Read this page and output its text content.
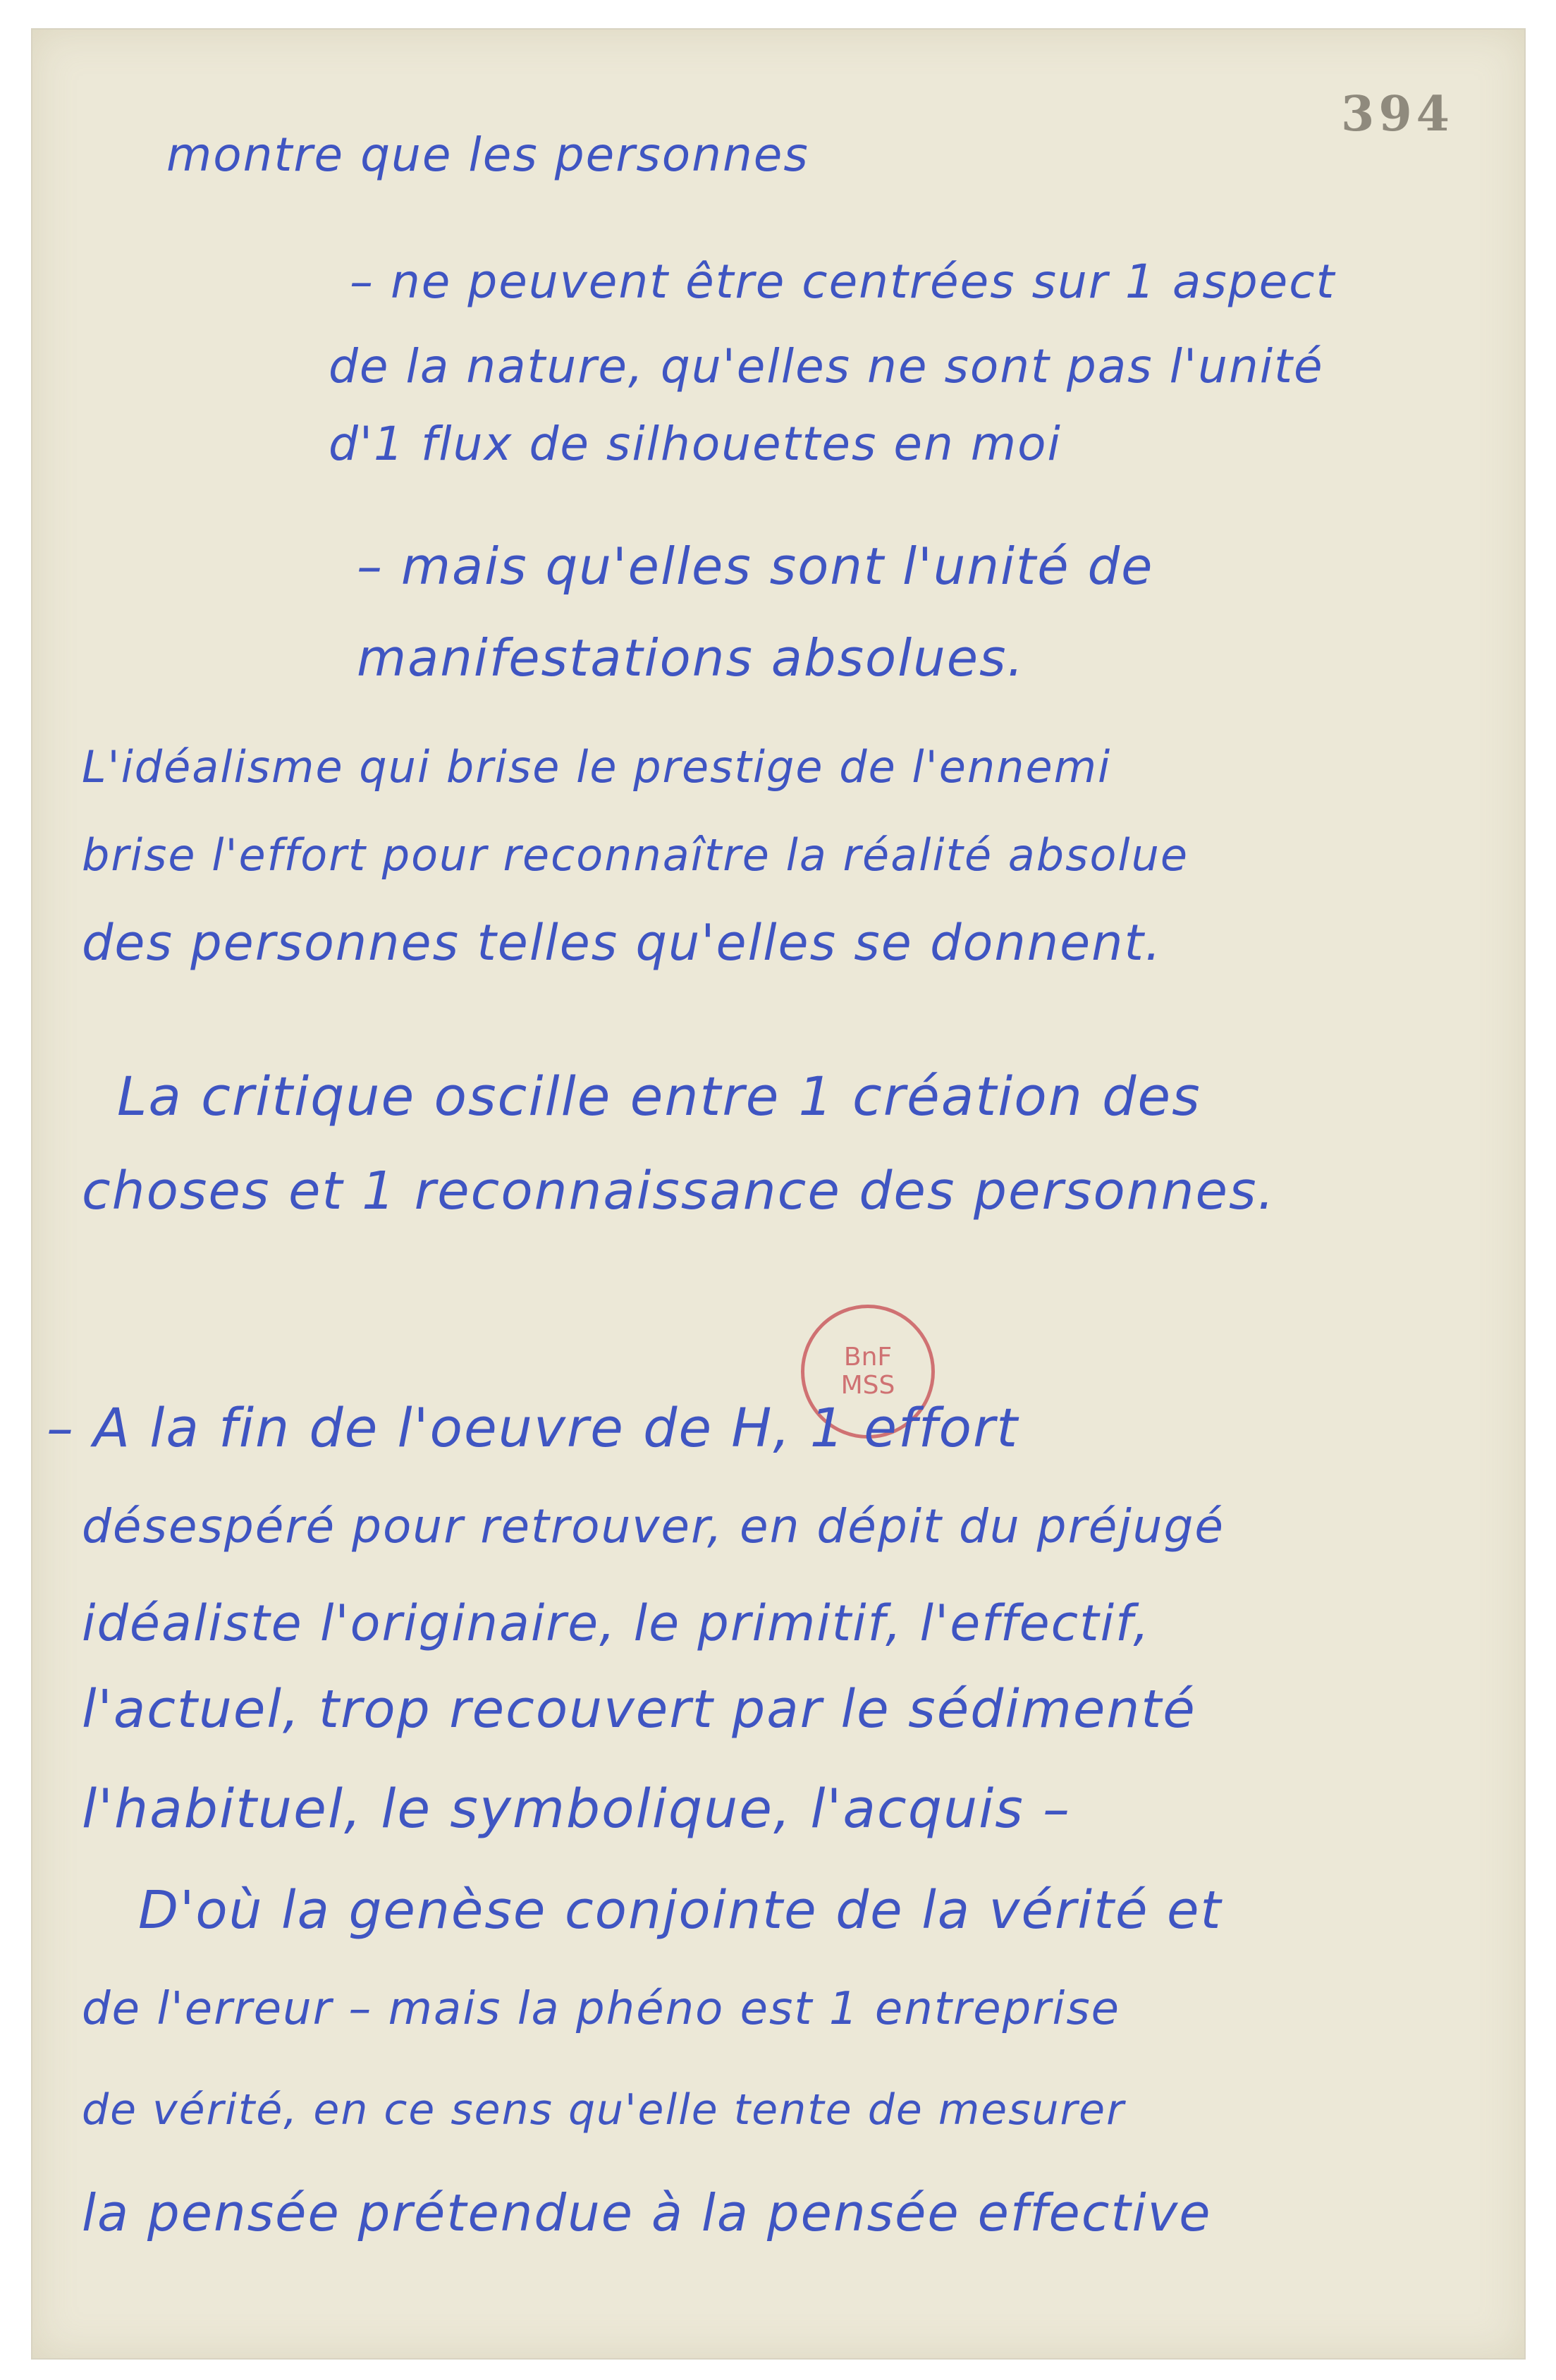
394
montre que les personnes
– ne peuvent être centrées sur 1 aspect
de la nature, qu'elles ne sont pas l'unité
d'1 flux de silhouettes en moi
– mais qu'elles sont l'unité de
manifestations absolues.
L'idéalisme qui brise le prestige de l'ennemi
brise l'effort pour reconnaître la réalité absolue
des personnes telles qu'elles se donnent.
La critique oscille entre 1 création des
choses et 1 reconnaissance des personnes.
BnF
MSS
– A la fin de l'oeuvre de H, 1 effort
désespéré pour retrouver, en dépit du préjugé
idéaliste l'originaire, le primitif, l'effectif,
l'actuel, trop recouvert par le sédimenté
l'habituel, le symbolique, l'acquis –
D'où la genèse conjointe de la vérité et
de l'erreur – mais la phéno est 1 entreprise
de vérité, en ce sens qu'elle tente de mesurer
la pensée prétendue à la pensée effective
